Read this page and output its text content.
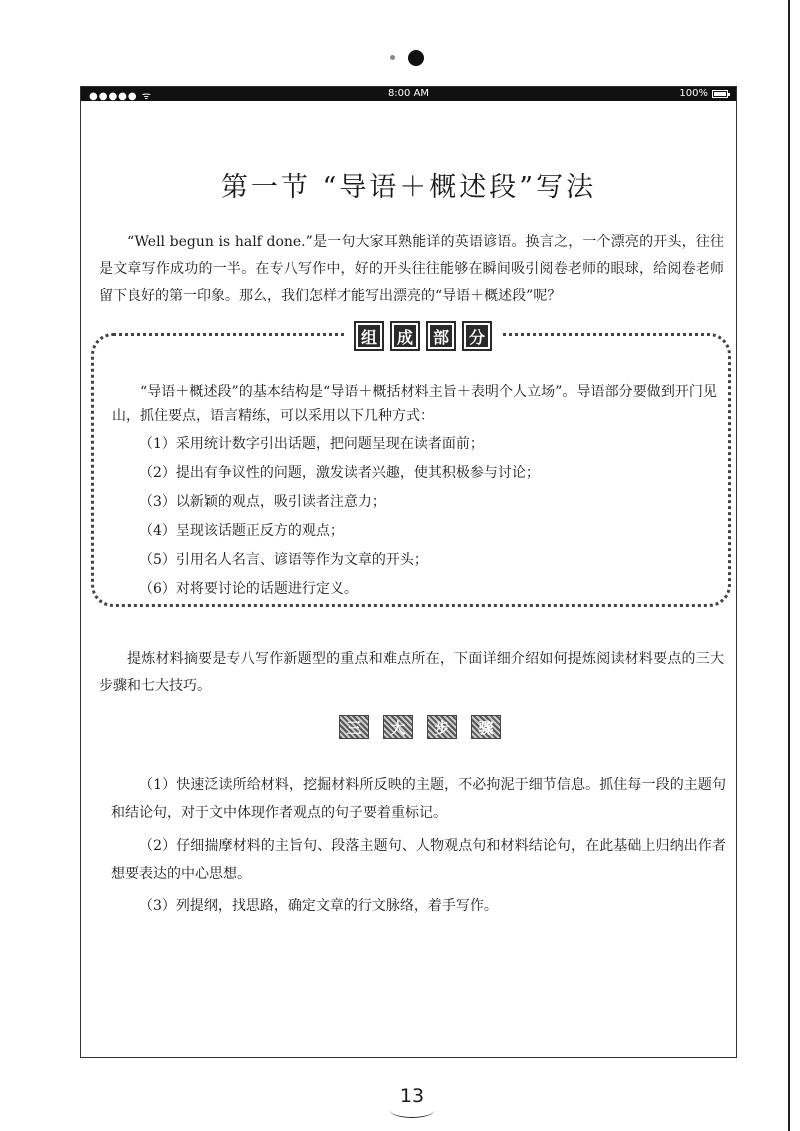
●●●●● ᯤ	8:00 AM	100%
第一节 “导语＋概述段”写法

“Well begun is half done.”是一句大家耳熟能详的英语谚语。换言之，一个漂亮的开头，往往是文章写作成功的一半。在专八写作中，好的开头往往能够在瞬间吸引阅卷老师的眼球，给阅卷老师留下良好的第一印象。那么，我们怎样才能写出漂亮的“导语＋概述段”呢？

组	成	部	分

“导语＋概述段”的基本结构是“导语＋概括材料主旨＋表明个人立场”。导语部分要做到开门见山，抓住要点，语言精练，可以采用以下几种方式：

（1）采用统计数字引出话题，把问题呈现在读者面前；
（2）提出有争议性的问题，激发读者兴趣，使其积极参与讨论；
（3）以新颖的观点，吸引读者注意力；
（4）呈现该话题正反方的观点；
（5）引用名人名言、谚语等作为文章的开头；
（6）对将要讨论的话题进行定义。

提炼材料摘要是专八写作新题型的重点和难点所在，下面详细介绍如何提炼阅读材料要点的三大步骤和七大技巧。

三	大	步	骤

（1）快速泛读所给材料，挖掘材料所反映的主题，不必拘泥于细节信息。抓住每一段的主题句和结论句，对于文中体现作者观点的句子要着重标记。

（2）仔细揣摩材料的主旨句、段落主题句、人物观点句和材料结论句，在此基础上归纳出作者想要表达的中心思想。

（3）列提纲，找思路，确定文章的行文脉络，着手写作。

13
